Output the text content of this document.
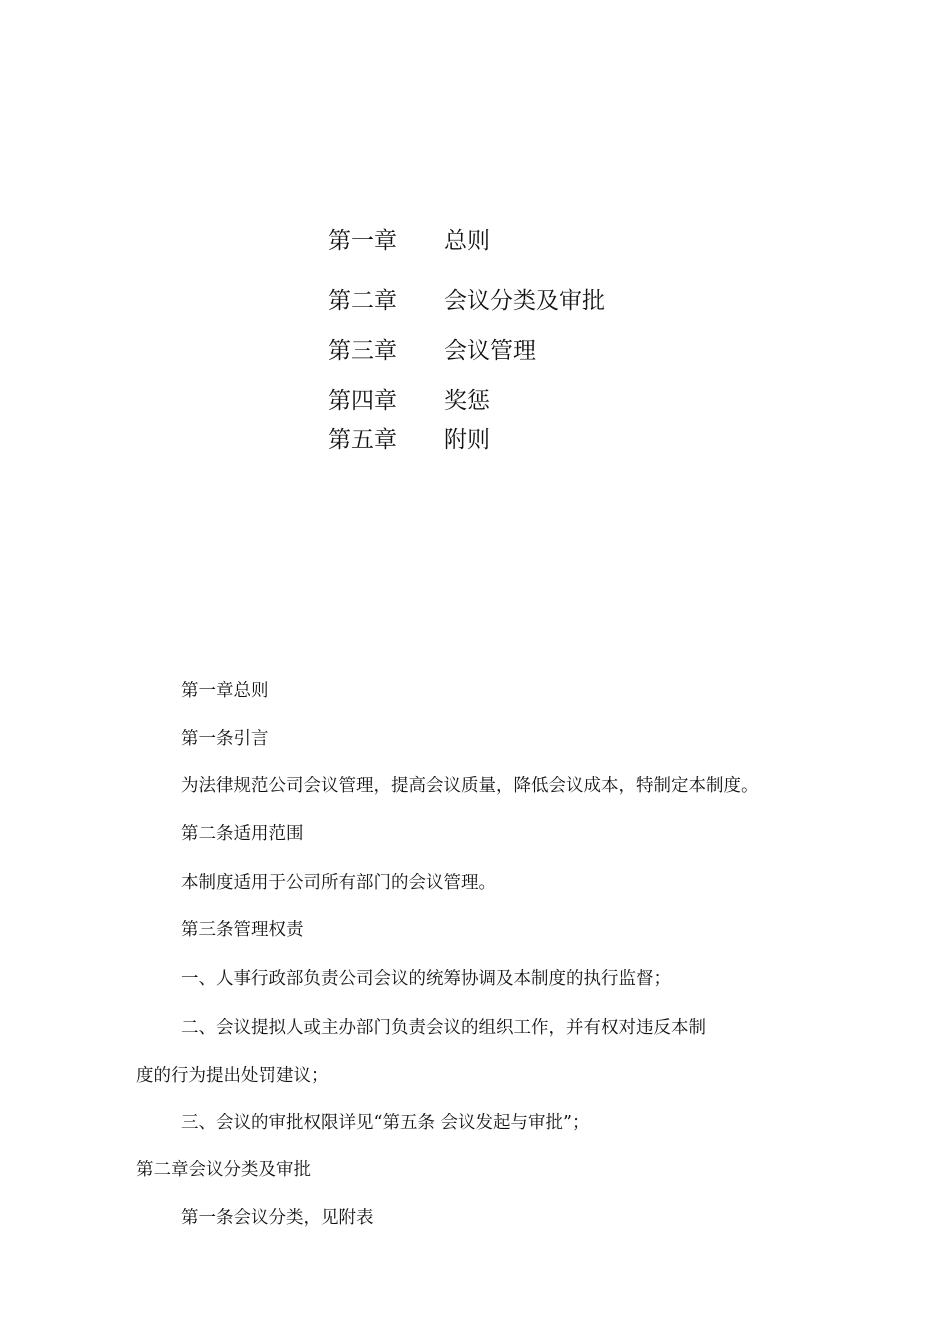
第一章 总则
第二章 会议分类及审批
第三章 会议管理
第四章 奖惩
第五章 附则
第一章总则
第一条引言
为法律规范公司会议管理，提高会议质量，降低会议成本，特制定本制度。
第二条适用范围
本制度适用于公司所有部门的会议管理。
第三条管理权责
一、人事行政部负责公司会议的统筹协调及本制度的执行监督；
二、会议提拟人或主办部门负责会议的组织工作，并有权对违反本制
度的行为提出处罚建议；
三、会议的审批权限详见“第五条 会议发起与审批”；
第二章会议分类及审批
第一条会议分类，见附表
